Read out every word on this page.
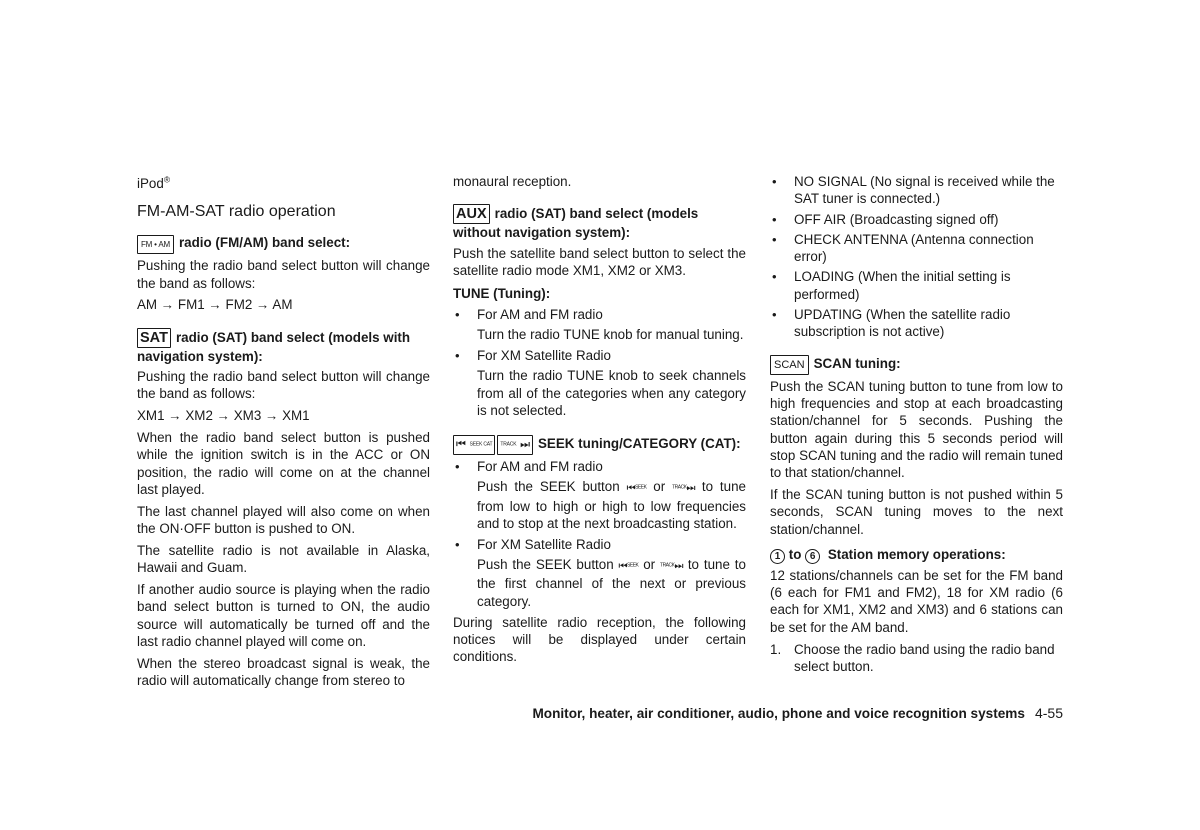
iPod®

FM-AM-SAT radio operation
FM • AM radio (FM/AM) band select:

Pushing the radio band select button will change the band as follows:

AM → FM1 → FM2 → AM

SAT radio (SAT) band select (models with navigation system):

Pushing the radio band select button will change the band as follows:

XM1 → XM2 → XM3 → XM1

When the radio band select button is pushed while the ignition switch is in the ACC or ON position, the radio will come on at the channel last played.

The last channel played will also come on when the ON·OFF button is pushed to ON.

The satellite radio is not available in Alaska, Hawaii and Guam.

If another audio source is playing when the radio band select button is turned to ON, the audio source will automatically be turned off and the last radio channel played will come on.

When the stereo broadcast signal is weak, the radio will automatically change from stereo to

monaural reception.

AUX radio (SAT) band select (models without navigation system):

Push the satellite band select button to select the satellite radio mode XM1, XM2 or XM3.

TUNE (Tuning):
• For AM and FM radio

Turn the radio TUNE knob for manual tuning.

• For XM Satellite Radio

Turn the radio TUNE knob to seek channels from all of the categories when any category is not selected.

⏮ SEEK CAT TRACK ⏭ SEEK tuning/CATEGORY (CAT):
• For AM and FM radio

Push the SEEK button ⏮SEEK or TRACK⏭ to tune from low to high or high to low frequencies and to stop at the next broadcasting station.

• For XM Satellite Radio

Push the SEEK button ⏮SEEK or TRACK⏭ to tune to the first channel of the next or previous category.

During satellite radio reception, the following notices will be displayed under certain conditions.

• NO SIGNAL (No signal is received while the SAT tuner is connected.)
• OFF AIR (Broadcasting signed off)
• CHECK ANTENNA (Antenna connection error)
• LOADING (When the initial setting is performed)
• UPDATING (When the satellite radio subscription is not active)
SCAN SCAN tuning:

Push the SCAN tuning button to tune from low to high frequencies and stop at each broadcasting station/channel for 5 seconds. Pushing the button again during this 5 seconds period will stop SCAN tuning and the radio will remain tuned to that station/channel.

If the SCAN tuning button is not pushed within 5 seconds, SCAN tuning moves to the next station/channel.

1 to 6 Station memory operations:

12 stations/channels can be set for the FM band (6 each for FM1 and FM2), 18 for XM radio (6 each for XM1, XM2 and XM3) and 6 stations can be set for the AM band.

1. Choose the radio band using the radio band select button.
Monitor, heater, air conditioner, audio, phone and voice recognition systems 4-55
